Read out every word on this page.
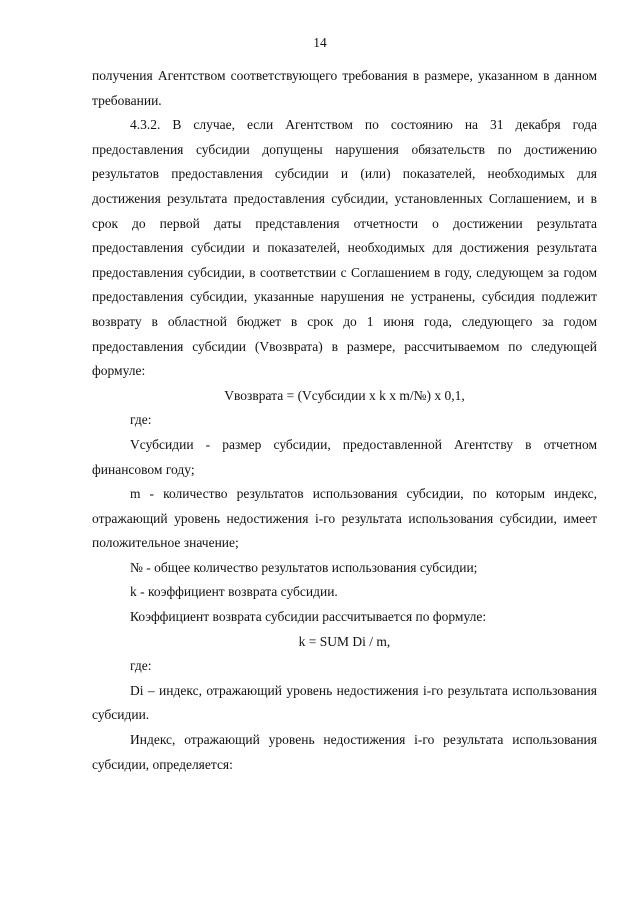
14

получения Агентством соответствующего требования в размере, указанном в данном требовании.

4.3.2. В случае, если Агентством по состоянию на 31 декабря года предоставления субсидии допущены нарушения обязательств по достижению результатов предоставления субсидии и (или) показателей, необходимых для достижения результата предоставления субсидии, установленных Соглашением, и в срок до первой даты представления отчетности о достижении результата предоставления субсидии и показателей, необходимых для достижения результата предоставления субсидии, в соответствии с Соглашением в году, следующем за годом предоставления субсидии, указанные нарушения не устранены, субсидия подлежит возврату в областной бюджет в срок до 1 июня года, следующего за годом предоставления субсидии (Vвозврата) в размере, рассчитываемом по следующей формуле:

Vвозврата = (Vсубсидии x k x m/№) x 0,1,

где:

Vсубсидии - размер субсидии, предоставленной Агентству в отчетном финансовом году;

m - количество результатов использования субсидии, по которым индекс, отражающий уровень недостижения i-го результата использования субсидии, имеет положительное значение;

№ - общее количество результатов использования субсидии;

k - коэффициент возврата субсидии.

Коэффициент возврата субсидии рассчитывается по формуле:

k = SUM Di / m,

где:

Di – индекс, отражающий уровень недостижения i-го результата использования субсидии.

Индекс, отражающий уровень недостижения i-го результата использования субсидии, определяется:
